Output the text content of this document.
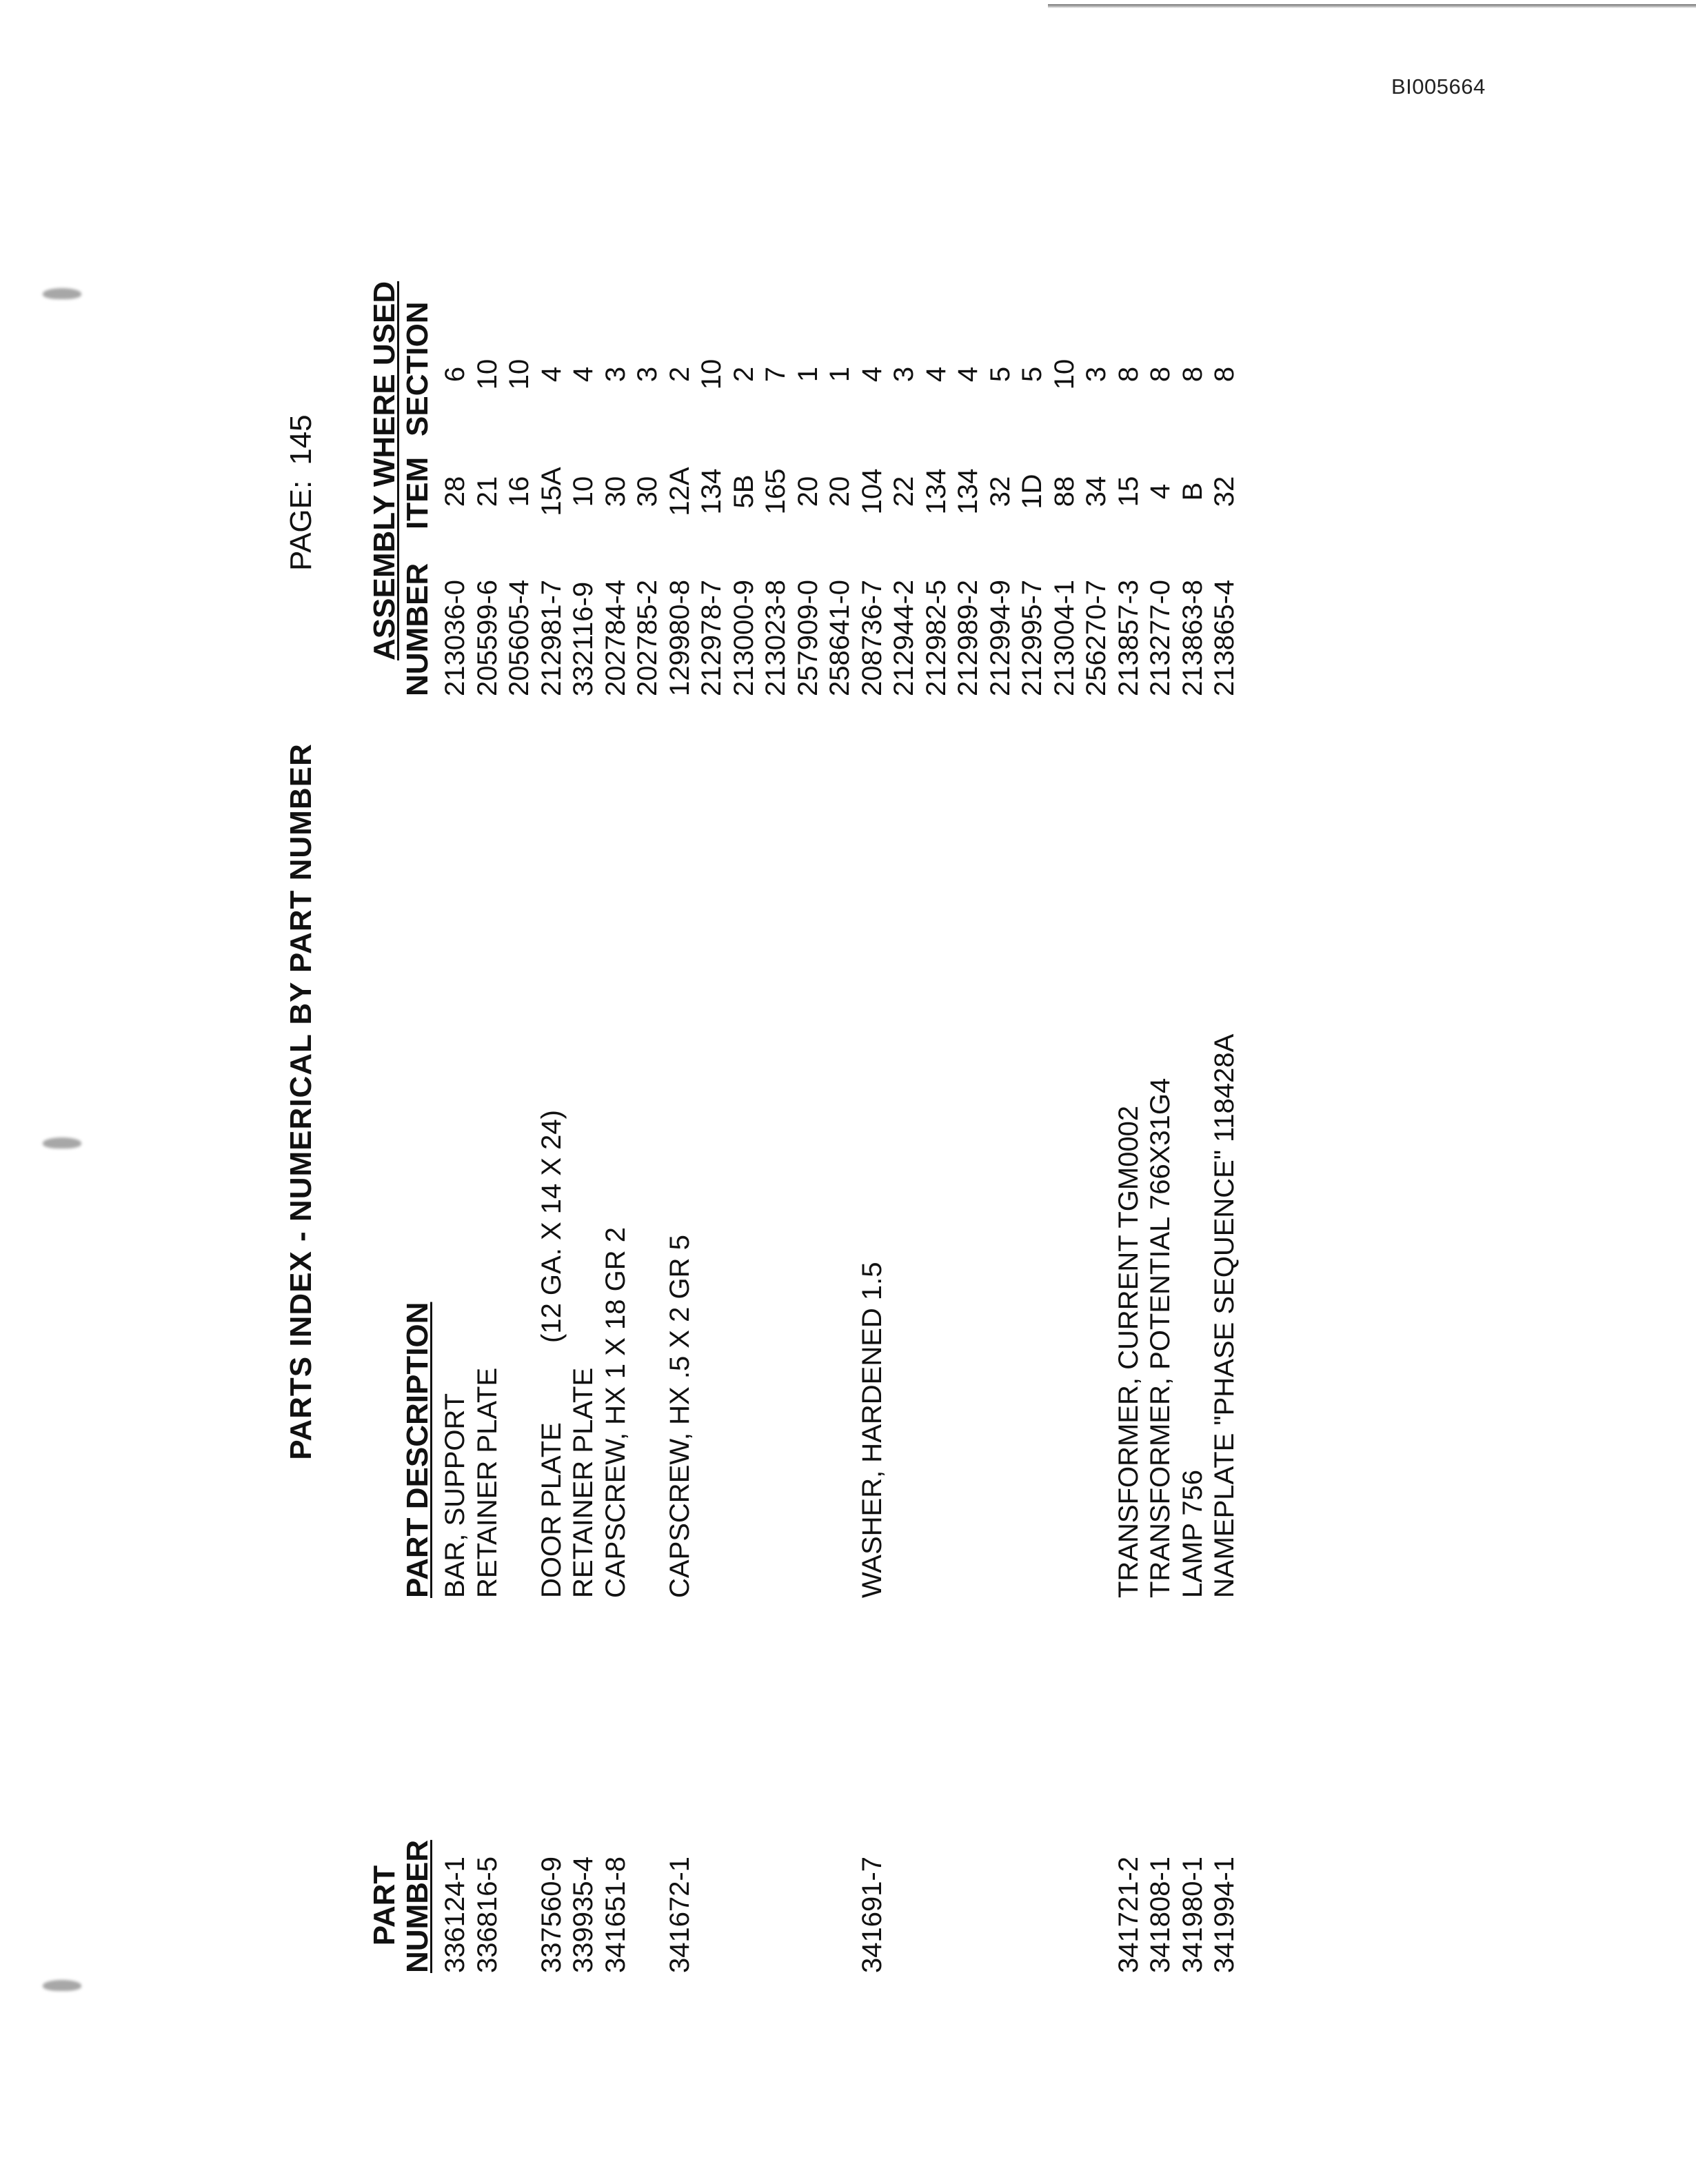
BI005664
PARTS INDEX - NUMERICAL BY PART NUMBER
PAGE:145
PART NUMBER
PART DESCRIPTION
ASSEMBLY WHERE USED NUMBER
ITEM
SECTION
336124-1
BAR, SUPPORT
213036-0
28
6
336816-5
RETAINER PLATE
205599-6
21
10
205605-4
16
10
337560-9
DOOR PLATE
(12 GA. X 14 X 24)
212981-7
15A
4
339935-4
RETAINER PLATE
332116-9
10
4
341651-8
CAPSCREW, HX 1 X 18 GR 2
202784-4
30
3
202785-2
30
3
341672-1
CAPSCREW, HX .5 X 2 GR 5
129980-8
12A
2
212978-7
134
10
213000-9
5B
2
213023-8
165
7
257909-0
20
1
258641-0
20
1
341691-7
WASHER, HARDENED 1.5
208736-7
104
4
212944-2
22
3
212982-5
134
4
212989-2
134
4
212994-9
32
5
212995-7
1D
5
213004-1
88
10
256270-7
34
3
341721-2
TRANSFORMER, CURRENT TGM0002
213857-3
15
8
341808-1
TRANSFORMER, POTENTIAL 766X31G4
213277-0
4
8
341980-1
LAMP 756
213863-8
B
8
341994-1
NAMEPLATE "PHASE SEQUENCE" 118428A
213865-4
32
8
